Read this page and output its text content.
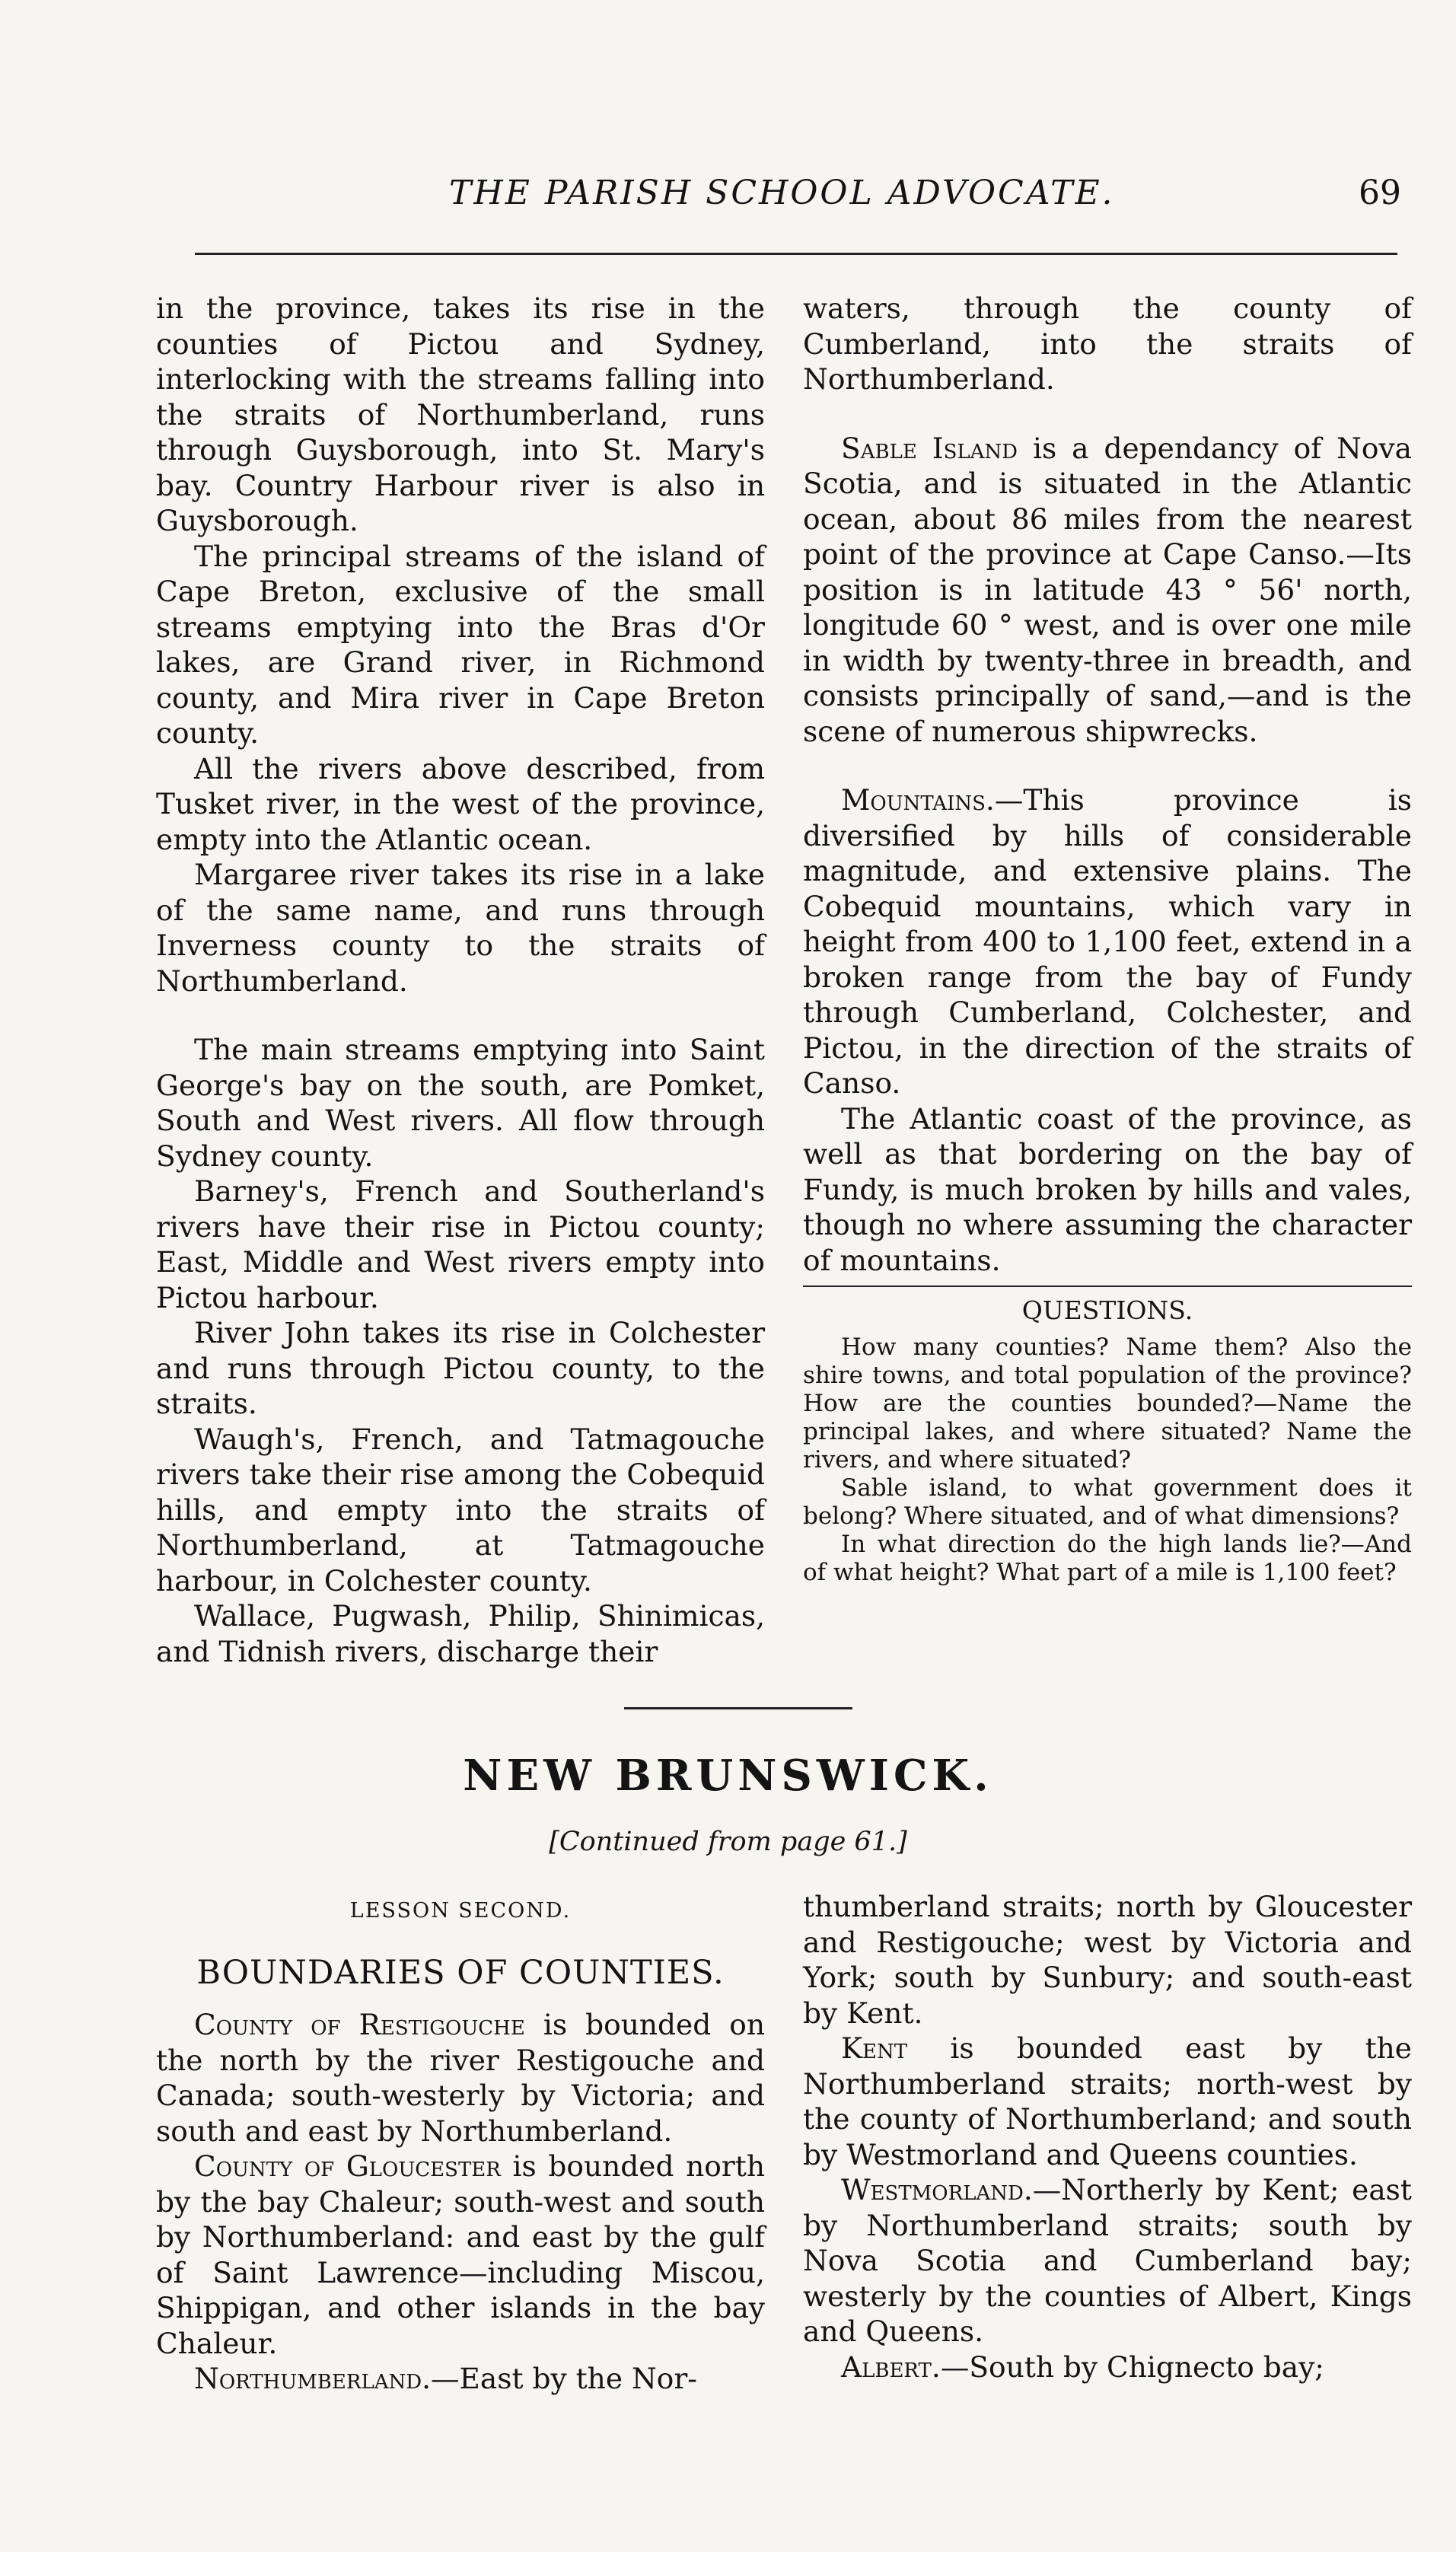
THE PARISH SCHOOL ADVOCATE.	69

in the province, takes its rise in the counties of Pictou and Sydney, interlocking with the streams falling into the straits of Northumberland, runs through Guysborough, into St. Mary's bay. Country Harbour river is also in Guysborough.

The principal streams of the island of Cape Breton, exclusive of the small streams emptying into the Bras d'Or lakes, are Grand river, in Richmond county, and Mira river in Cape Breton county.

All the rivers above described, from Tusket river, in the west of the province, empty into the Atlantic ocean.

Margaree river takes its rise in a lake of the same name, and runs through Inverness county to the straits of Northumberland.

The main streams emptying into Saint George's bay on the south, are Pomket, South and West rivers. All flow through Sydney county.

Barney's, French and Southerland's rivers have their rise in Pictou county; East, Middle and West rivers empty into Pictou harbour.

River John takes its rise in Colchester and runs through Pictou county, to the straits.

Waugh's, French, and Tatmagouche rivers take their rise among the Cobequid hills, and empty into the straits of Northumberland, at Tatmagouche harbour, in Colchester county.

Wallace, Pugwash, Philip, Shinimicas, and Tidnish rivers, discharge their

waters, through the county of Cumberland, into the straits of Northumberland.

Sable Island is a dependancy of Nova Scotia, and is situated in the Atlantic ocean, about 86 miles from the nearest point of the province at Cape Canso.—Its position is in latitude 43 ° 56' north, longitude 60 ° west, and is over one mile in width by twenty-three in breadth, and consists principally of sand,—and is the scene of numerous shipwrecks.

Mountains.—This province is diversified by hills of considerable magnitude, and extensive plains. The Cobequid mountains, which vary in height from 400 to 1,100 feet, extend in a broken range from the bay of Fundy through Cumberland, Colchester, and Pictou, in the direction of the straits of Canso.

The Atlantic coast of the province, as well as that bordering on the bay of Fundy, is much broken by hills and vales, though no where assuming the character of mountains.

QUESTIONS.

How many counties? Name them? Also the shire towns, and total population of the province? How are the counties bounded?—Name the principal lakes, and where situated? Name the rivers, and where situated?

Sable island, to what government does it belong? Where situated, and of what dimensions?

In what direction do the high lands lie?—And of what height? What part of a mile is 1,100 feet?

NEW BRUNSWICK.
[Continued from page 61.]

LESSON SECOND.

BOUNDARIES OF COUNTIES.

County of Restigouche is bounded on the north by the river Restigouche and Canada; south-westerly by Victoria; and south and east by Northumberland.

County of Gloucester is bounded north by the bay Chaleur; south-west and south by Northumberland: and east by the gulf of Saint Lawrence—including Miscou, Shippigan, and other islands in the bay Chaleur.

Northumberland.—East by the Nor-

thumberland straits; north by Gloucester and Restigouche; west by Victoria and York; south by Sunbury; and south-east by Kent.

Kent is bounded east by the Northumberland straits; north-west by the county of Northumberland; and south by Westmorland and Queens counties.

Westmorland.—Northerly by Kent; east by Northumberland straits; south by Nova Scotia and Cumberland bay; westerly by the counties of Albert, Kings and Queens.

Albert.—South by Chignecto bay;
